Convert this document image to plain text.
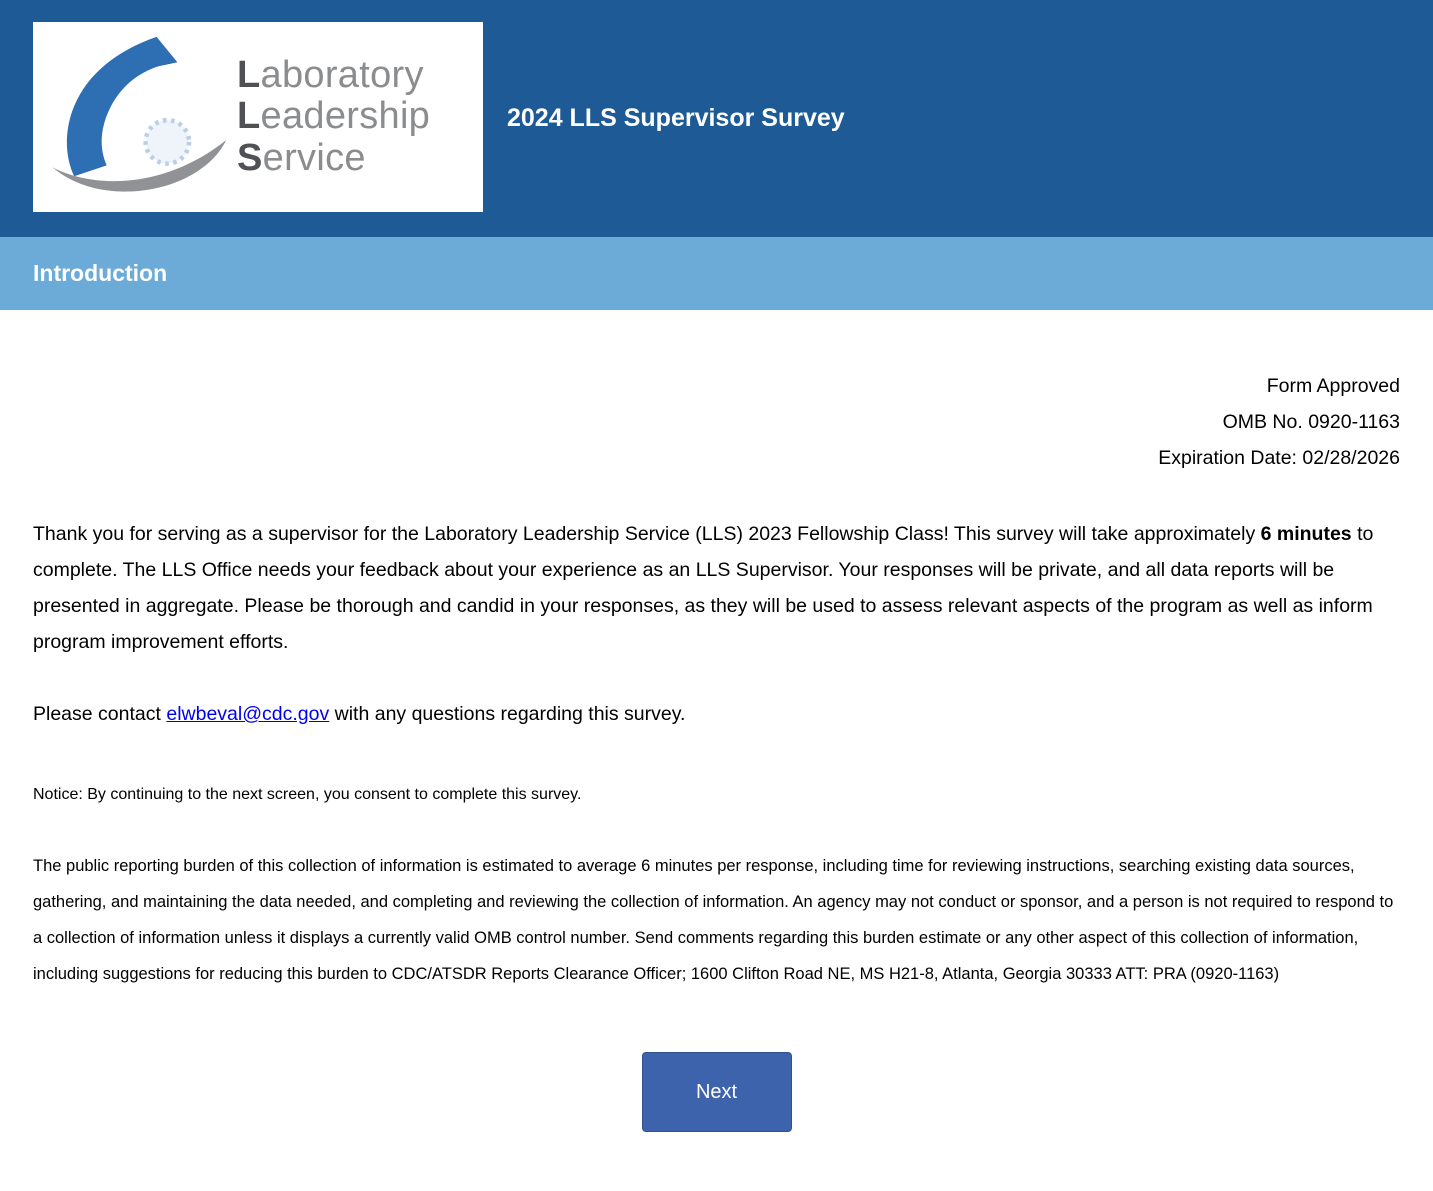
Laboratory
Leadership
Service
2024 LLS Supervisor Survey
Introduction
Form Approved
OMB No. 0920-1163
Expiration Date: 02/28/2026

Thank you for serving as a supervisor for the Laboratory Leadership Service (LLS) 2023 Fellowship Class! This survey will take approximately 6 minutes to complete. The LLS Office needs your feedback about your experience as an LLS Supervisor. Your responses will be private, and all data reports will be presented in aggregate. Please be thorough and candid in your responses, as they will be used to assess relevant aspects of the program as well as inform program improvement efforts.

Please contact elwbeval@cdc.gov with any questions regarding this survey.

Notice: By continuing to the next screen, you consent to complete this survey.

The public reporting burden of this collection of information is estimated to average 6 minutes per response, including time for reviewing instructions, searching existing data sources, gathering, and maintaining the data needed, and completing and reviewing the collection of information. An agency may not conduct or sponsor, and a person is not required to respond to a collection of information unless it displays a currently valid OMB control number. Send comments regarding this burden estimate or any other aspect of this collection of information, including suggestions for reducing this burden to CDC/ATSDR Reports Clearance Officer; 1600 Clifton Road NE, MS H21-8, Atlanta, Georgia 30333 ATT: PRA (0920-1163)

Next
